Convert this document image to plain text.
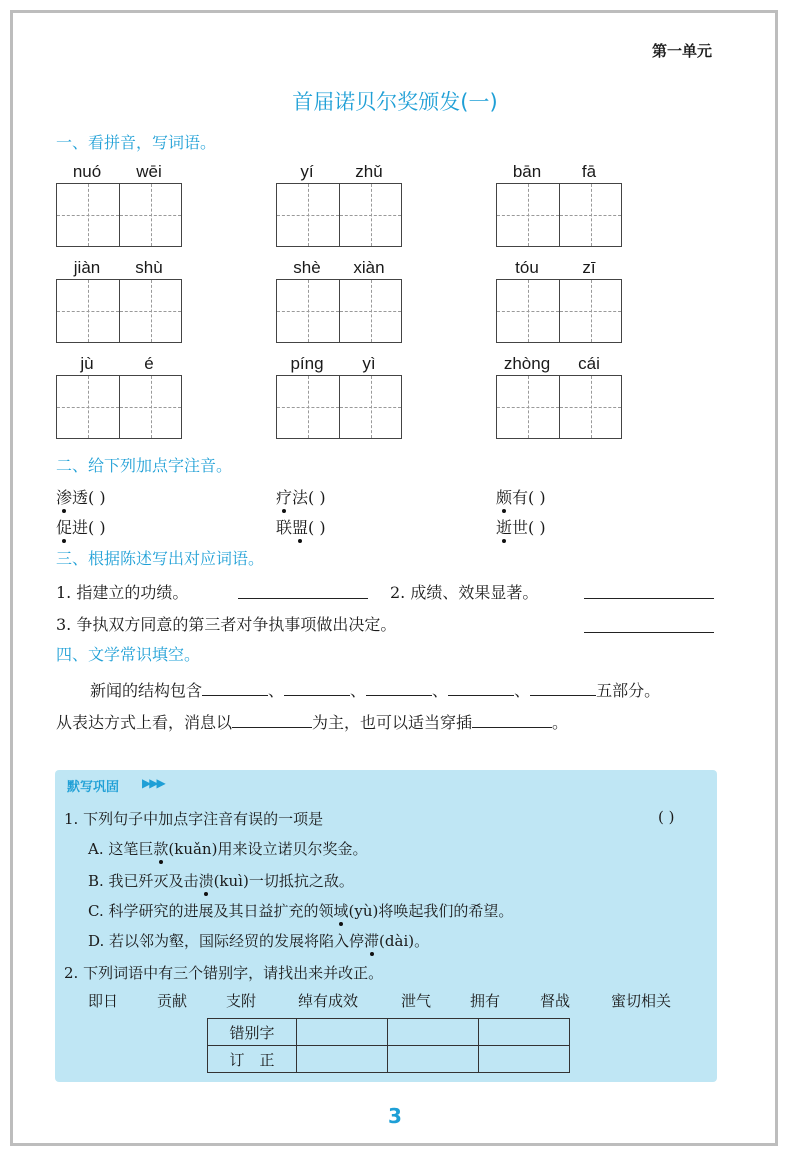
第一单元
首届诺贝尔奖颁发(一)
一、看拼音，写词语。
nuó	wēi	yí	zhǔ	bān	fā
jiàn	shù	shè	xiàn	tóu	zī
jù	é	píng	yì	zhòng	cái
二、给下列加点字注音。
渗透( )	疗法( )	颇有( )
促进( )	联盟( )	逝世( )
三、根据陈述写出对应词语。
1. 指建立的功绩。	2. 成绩、效果显著。
3. 争执双方同意的第三者对争执事项做出决定。
四、文学常识填空。
新闻的结构包含	、	、	、	、	五部分。
从表达方式上看，消息以	为主，也可以适当穿插	。
默写巩固 ▶▶▶
1. 下列句子中加点字注音有误的一项是	( )
A. 这笔巨款(kuǎn)用来设立诺贝尔奖金。
B. 我已歼灭及击溃(kuì)一切抵抗之敌。
C. 科学研究的进展及其日益扩充的领域(yù)将唤起我们的希望。
D. 若以邻为壑，国际经贸的发展将陷入停滞(dài)。
2. 下列词语中有三个错别字，请找出来并改正。
即日	贡献	支附	绰有成效	泄气	拥有	督战	蜜切相关
错别字			
订　正			
3
